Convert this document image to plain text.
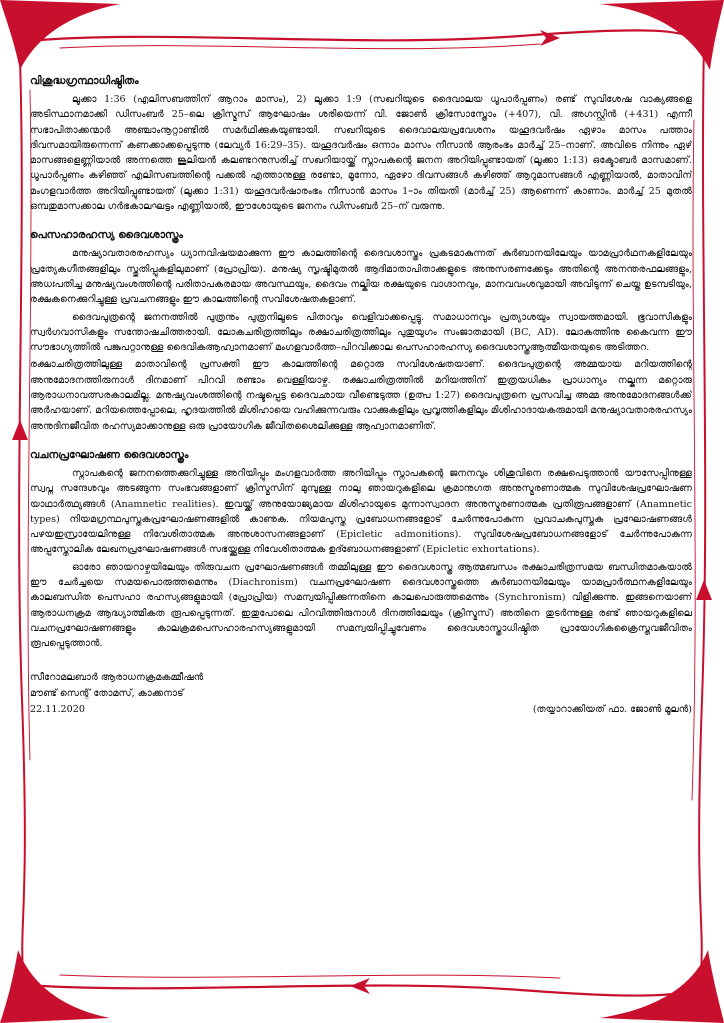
വിശുദ്ധഗ്രന്ഥാധിഷ്ഠിതം

ലൂക്കാ 1:36 (എലിസബത്തിന് ആറാം മാസം), 2) ലൂക്കാ 1:9 (സഖറിയുടെ ദൈവാലയ ധൂപാർപ്പണം) രണ്ട് സുവിശേഷ വാക്യങ്ങളെ അടിസ്ഥാനമാക്കി ഡിസംബർ 25–ലെ ക്രിസ്മസ് ആഘോഷം ശരിയെന്ന് വി. ജോൺ ക്രിസോസ്തോം (+407), വി. അഗസ്റ്റിൻ (+431) എന്നീ സഭാപിതാക്കന്മാർ അഞ്ചാംനൂറ്റാണ്ടിൽ സമർഥിക്കുകയുണ്ടായി. സഖറിയുടെ ദൈവാലയപ്രവേശനം യഹൂദവർഷം ഏഴാം മാസം പത്താം ദിവസമായിരുന്നെന്ന് കണക്കാക്കപ്പെടുന്നു (ലേവ്യർ 16:29–35). യഹൂദവർഷം ഒന്നാം മാസം നീസാൻ ആരംഭം മാർച്ച് 25–നാണ്. അവിടെ നിന്നും ഏഴ് മാസങ്ങളെണ്ണിയാൽ അന്നത്തെ ജൂലിയൻ കലണ്ടറനുസരിച്ച് സഖറിയായ്ക്ക് സ്നാപകന്റെ ജനന അറിയിപ്പുണ്ടായത് (ലൂക്കാ 1:13) ഒക്ടോബർ മാസമാണ്. ധൂപാർപ്പണം കഴിഞ്ഞ് എലിസബത്തിന്റെ പക്കൽ എത്താനുള്ള രണ്ടോ, മൂന്നോ, ഏഴോ ദിവസങ്ങൾ കഴിഞ്ഞ് ആറുമാസങ്ങൾ എണ്ണിയാൽ, മാതാവിന് മംഗളവാർത്ത അറിയിപ്പുണ്ടായത് (ലൂക്കാ 1:31) യഹൂദവർഷാരംഭം നീസാൻ മാസം 1–ാം തിയതി (മാർച്ച് 25) ആണെന്ന് കാണാം. മാർച്ച് 25 മുതൽ ഒമ്പതുമാസക്കാല ഗർഭകാലഘട്ടം എണ്ണിയാൽ, ഈശോയുടെ ജനനം ഡിസംബർ 25–ന് വരുന്നു.

പെസഹാരഹസ്യ ദൈവശാസ്ത്രം

മനുഷ്യാവതാരരഹസ്യം ധ്യാനവിഷയമാക്കുന്ന ഈ കാലത്തിന്റെ ദൈവശാസ്ത്രം പ്രകടമാകുന്നത് കുർബാനയിലേയും യാമപ്രാർഥനകളിലേയും പ്രത്യേകഗീതങ്ങളിലും സ്തുതിപ്പുകളിലുമാണ് (പ്രോപ്രിയ). മനുഷ്യ സൃഷ്ടിമുതൽ ആദിമാതാപിതാക്കളുടെ അനുസരണക്കേടും അതിന്റെ അനന്തരഫലങ്ങളും, അധഃപതിച്ച മനുഷ്യവംശത്തിന്റെ പരിതാപകരമായ അവസ്ഥയും, ദൈവം നല്കിയ രക്ഷയുടെ വാഗ്ദാനവും, മാനവവംശവുമായി അവിടുന്ന് ചെയ്ത ഉടമ്പടിയും, രക്ഷകനെക്കുറിച്ചുള്ള പ്രവചനങ്ങളും ഈ കാലത്തിന്റെ സവിശേഷതകളാണ്.

ദൈവപുത്രന്റെ ജനനത്തിൽ പുത്രനും പുത്രനിലൂടെ പിതാവും വെളിവാക്കപ്പെട്ടു. സമാധാനവും പ്രത്യാശയും സ്വായത്തമായി. ഭൂവാസികളും സ്വർഗവാസികളും സന്തോഷചിത്തരായി. ലോകചരിത്രത്തിലും രക്ഷാചരിത്രത്തിലും പുതുയുഗം സംജാതമായി (BC, AD). ലോകത്തിനു കൈവന്ന ഈ സൗഭാഗ്യത്തിൽ പങ്കുപറ്റാനുള്ള ദൈവികആഹ്വാനമാണ് മംഗളവാർത്ത–പിറവിക്കാല പെസഹാരഹസ്യ ദൈവശാസ്ത്രആത്മീയതയുടെ അടിത്തറ.

രക്ഷാചരിത്രത്തിലുള്ള മാതാവിന്റെ പ്രസക്തി ഈ കാലത്തിന്റെ മറ്റൊരു സവിശേഷതയാണ്. ദൈവപുത്രന്റെ അമ്മയായ മറിയത്തിന്റെ അനുമോദനത്തിരുനാൾ ദിനമാണ് പിറവി രണ്ടാം വെള്ളിയാഴ്ച. രക്ഷാചരിത്രത്തിൽ മറിയത്തിന് ഇത്രയധികം പ്രാധാന്യം നല്കുന്ന മറ്റൊരു ആരാധനാവത്സരകാലമില്ല. മനുഷ്യവംശത്തിന്റെ നഷ്ടപ്പെട്ട ദൈവഛായ വീണ്ടെടുത്ത (ഉത്പ 1:27) ദൈവപുത്രനെ പ്രസവിച്ച അമ്മ അനുമോദനങ്ങൾക്ക് അർഹയാണ്. മറിയത്തെപ്പോലെ, ഹൃദയത്തിൽ മിശിഹായെ വഹിക്കുന്നവരും വാക്കുകളിലും പ്രവൃത്തികളിലും മിശിഹാദായകരുമായി മനുഷ്യാവതാരരഹസ്യം അനുദിനജീവിത രഹസ്യമാക്കാനുള്ള ഒരു പ്രായോഗിക ജീവിതശൈലിക്കുള്ള ആഹ്വാനമാണിത്.

വചനപ്രഘോഷണ ദൈവശാസ്ത്രം

സ്നാപകന്റെ ജനനത്തെക്കുറിച്ചുള്ള അറിയിപ്പും മംഗളവാർത്ത അറിയിപ്പും സ്നാപകന്റെ ജനനവും ശിശുവിനെ രക്ഷപെടുത്താൻ യൗസേപ്പിനുള്ള സ്വപ്ന സന്ദേശവും അടങ്ങുന്ന സംഭവങ്ങളാണ് ക്രിസ്മസിന് മുമ്പുള്ള നാലു ഞായറുകളിലെ ക്രമാനുഗത അനുസ്മരണാത്മക സുവിശേഷപ്രഘോഷണ യാഥാർത്ഥ്യങ്ങൾ (Anamnetic realities). ഇവയ്ക്ക് അനുയോജ്യമായ മിശിഹായുടെ മുന്നാസ്വാദന അനുസ്മരണാത്മക പ്രതിരൂപങ്ങളാണ് (Anamnetic types) നിയമഗ്രന്ഥപുസ്തകപ്രഘോഷണങ്ങളിൽ കാണുക. നിയമപുസ്ത പ്രബോധനങ്ങളോട് ചേർന്നുപോകുന്ന പ്രവാചകപുസ്തക പ്രഘോഷണങ്ങൾ പഴയഇസ്രായേലിനുള്ള നിവേശിതാത്മക അനുശാസനങ്ങളാണ് (Epicletic admonitions). സുവിശേഷപ്രബോധനങ്ങളോട് ചേർന്നുപോകുന്ന അപ്പസ്തോലിക ലേഖനപ്രഘോഷണങ്ങൾ സഭയ്ക്കുള്ള നിവേശിതാത്മക ഉദ്ബോധനങ്ങളാണ് (Epicletic exhortations).

ഓരോ ഞായറാഴ്ചയിലേയും തിരുവചന പ്രഘോഷണങ്ങൾ തമ്മിലുള്ള ഈ ദൈവശാസ്ത്ര ആത്മബന്ധം രക്ഷാചരിത്രസമയ ബന്ധിതമാകയാൽ ഈ ചേർച്ചയെ സമയപൊരുത്തമെന്നും (Diachronism) വചനപ്രഘോഷണ ദൈവശാസ്ത്രത്തെ കുർബാനയിലേയും യാമപ്രാർത്ഥനകളിലേയും കാലബന്ധിത പെസഹാ രഹസ്യങ്ങളുമായി (പ്രോപ്രിയ) സമന്വയിപ്പിക്കുന്നതിനെ കാലപൊരുത്തമെന്നും (Synchronism) വിളിക്കുന്നു. ഇങ്ങനെയാണ് ആരാധനക്രമ ആദ്ധ്യാത്മികത രൂപപ്പെടുന്നത്. ഇതുപോലെ പിറവിത്തിരുനാൾ ദിനത്തിലേയും (ക്രിസ്മസ്) അതിനെ തുടർന്നുള്ള രണ്ട് ഞായറുകളിലെ വചനപ്രഘോഷണങ്ങളും കാലക്രമപെസഹാരഹസ്യങ്ങളുമായി സമന്വയിപ്പിച്ചുവേണം ദൈവശാസ്ത്രാധിഷ്ഠിത പ്രായോഗികക്രൈസ്തവജീവിതം രൂപപ്പെടുത്താൻ.

സീറോമലബാർ ആരാധനക്രമകമ്മീഷൻ
മൗണ്ട് സെന്റ് തോമസ്, കാക്കനാട്
22.11.2020	(തയ്യാറാക്കിയത് ഫാ. ജോൺ മൂലൻ)
